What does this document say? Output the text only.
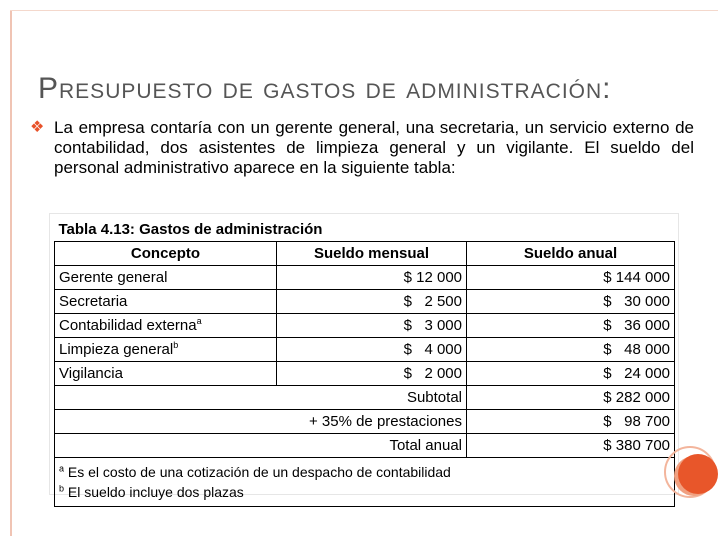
Presupuesto de gastos de administración:
❖ La empresa contaría con un gerente general, una secretaria, un servicio externo de contabilidad, dos asistentes de limpieza general y un vigilante. El sueldo del personal administrativo aparece en la siguiente tabla:

Tabla 4.13: Gastos de administración		
Concepto	Sueldo mensual	Sueldo anual
Gerente general	$ 12 000	$ 144 000
Secretaria	$   2 500	$   30 000
Contabilidad externa$^a$	$   3 000	$   36 000
Limpieza general$^b$	$   4 000	$   48 000
Vigilancia	$   2 000	$   24 000
Subtotal		$ 282 000
+ 35% de prestaciones		$   98 700
Total anual		$ 380 700

$^a$ Es el costo de una cotización de un despacho de contabilidad
$^b$ El sueldo incluye dos plazas		
